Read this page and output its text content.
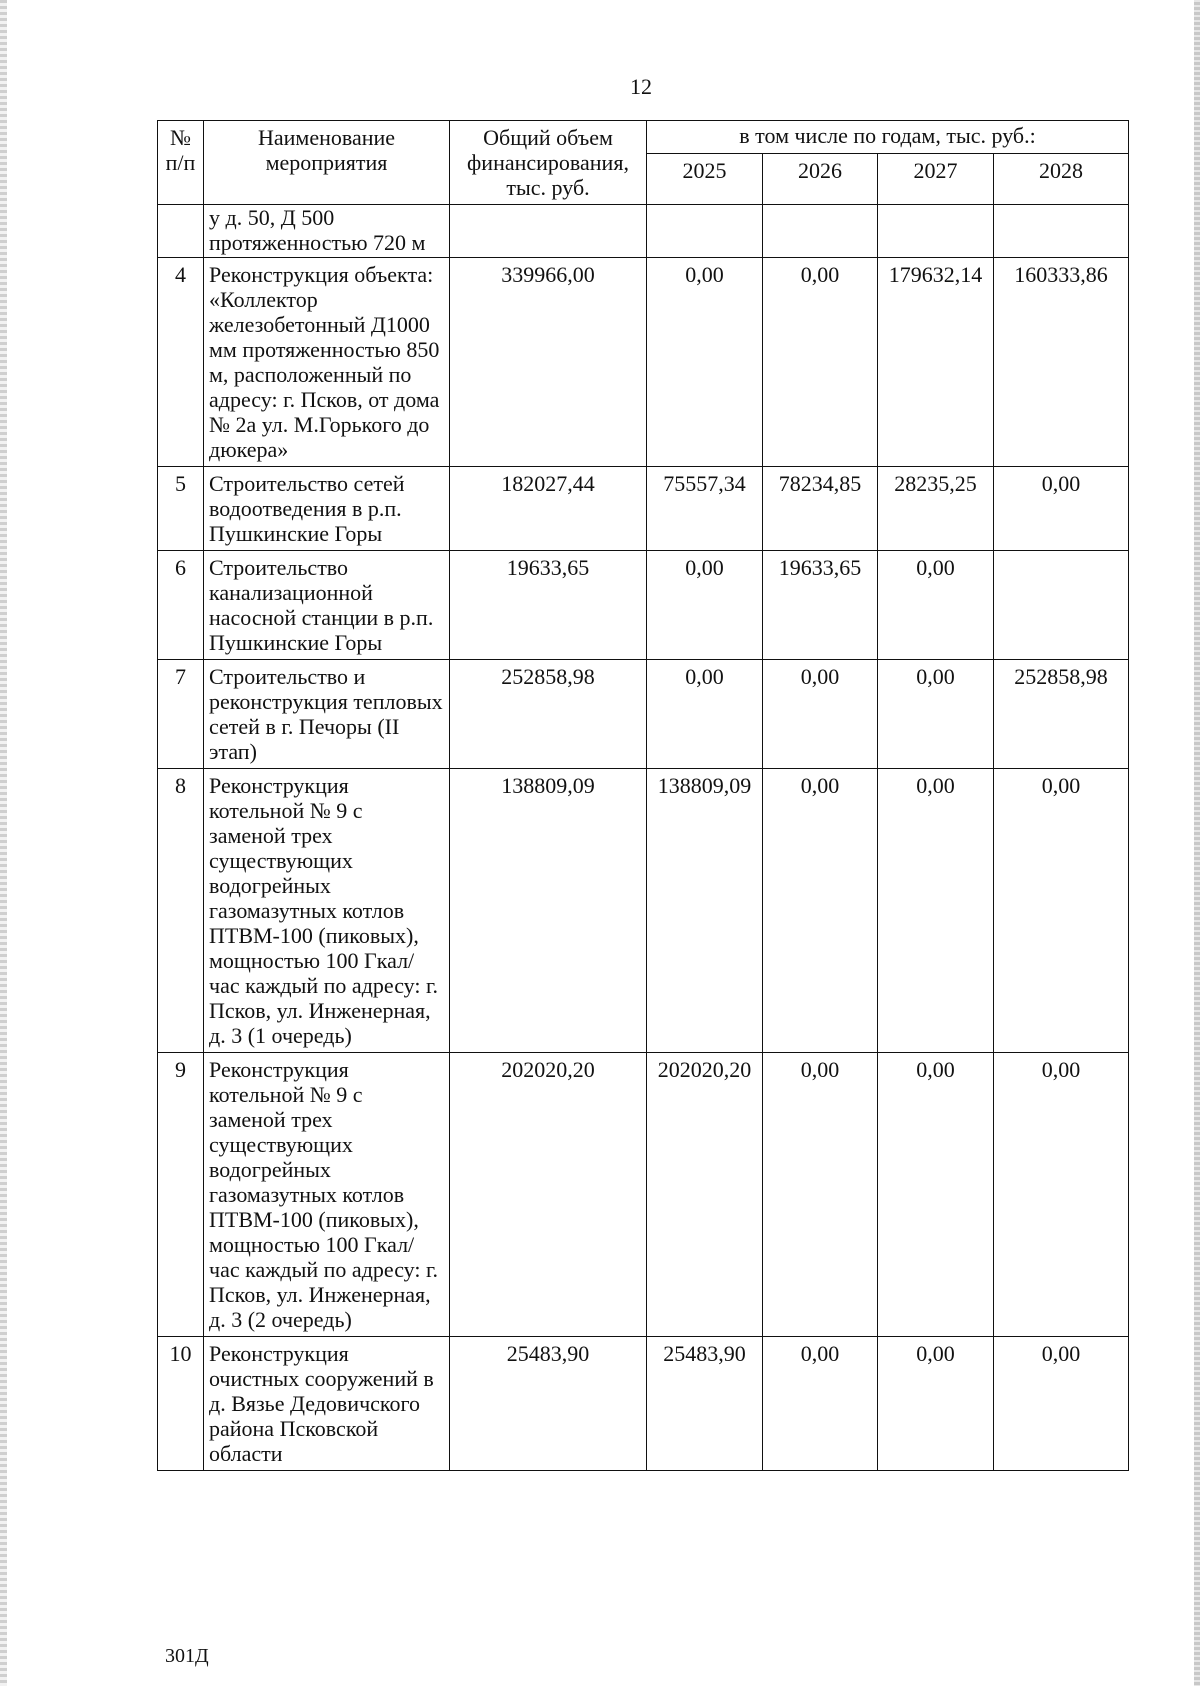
12
№ п/п	Наименование мероприятия	Общий объем финансирования, тыс. руб.	в том числе по годам, тыс. руб.:			
			2025	2026	2027	2028
	у д. 50, Д 500 протяженностью 720 м					
4	Реконструкция объекта: «Коллектор железобетонный Д1000 мм протяженностью 850 м, расположенный по адресу: г. Псков, от дома № 2а ул. М.Горького до дюкера»	339966,00	0,00	0,00	179632,14	160333,86
5	Строительство сетей водоотведения в р.п. Пушкинские Горы	182027,44	75557,34	78234,85	28235,25	0,00
6	Строительство канализационной насосной станции в р.п. Пушкинские Горы	19633,65	0,00	19633,65	0,00	
7	Строительство и реконструкция тепловых сетей в г. Печоры (II этап)	252858,98	0,00	0,00	0,00	252858,98
8	Реконструкция котельной № 9 с заменой трех существующих водогрейных газомазутных котлов ПТВМ-100 (пиковых), мощностью 100 Гкал/час каждый по адресу: г. Псков, ул. Инженерная, д. 3 (1 очередь)	138809,09	138809,09	0,00	0,00	0,00
9	Реконструкция котельной № 9 с заменой трех существующих водогрейных газомазутных котлов ПТВМ-100 (пиковых), мощностью 100 Гкал/час каждый по адресу: г. Псков, ул. Инженерная, д. 3 (2 очередь)	202020,20	202020,20	0,00	0,00	0,00
10	Реконструкция очистных сооружений в д. Вязье Дедовичского района Псковской области	25483,90	25483,90	0,00	0,00	0,00
301Д
